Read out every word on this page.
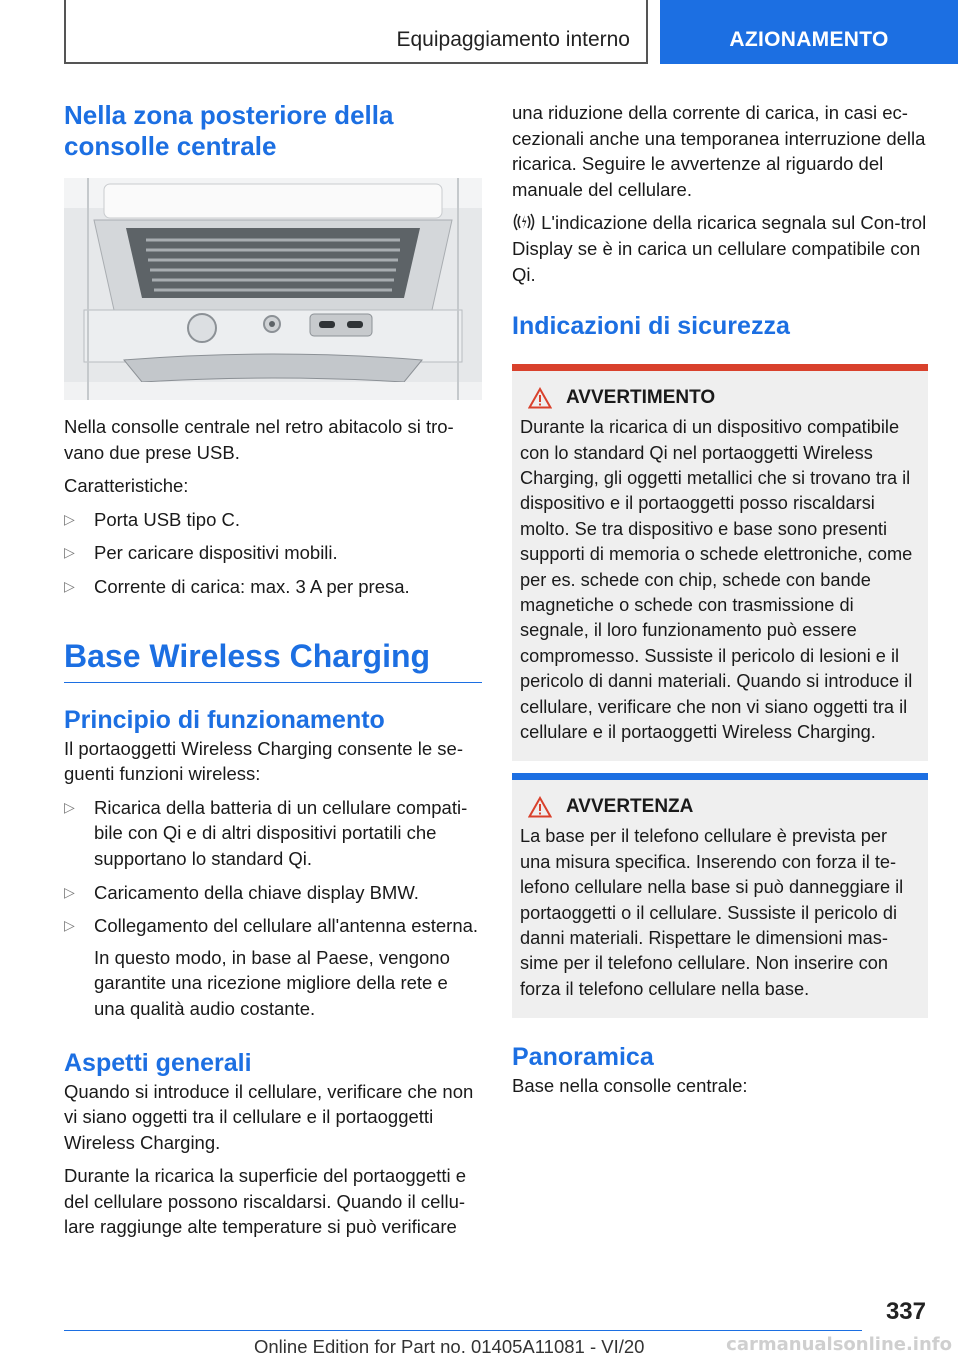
Equipaggiamento interno	AZIONAMENTO
Nella zona posteriore della consolle centrale

Nella consolle centrale nel retro abitacolo si tro-vano due prese USB.

Caratteristiche:

▷ Porta USB tipo C.
▷ Per caricare dispositivi mobili.
▷ Corrente di carica: max. 3 A per presa.
Base Wireless Charging
Principio di funzionamento

Il portaoggetti Wireless Charging consente le se-guenti funzioni wireless:

▷ Ricarica della batteria di un cellulare compati-bile con Qi e di altri dispositivi portatili che supportano lo standard Qi.
▷ Caricamento della chiave display BMW.
▷ Collegamento del cellulare all'antenna esterna.

In questo modo, in base al Paese, vengono garantite una ricezione migliore della rete e una qualità audio costante.

Aspetti generali

Quando si introduce il cellulare, verificare che non vi siano oggetti tra il cellulare e il portaoggetti Wireless Charging.

Durante la ricarica la superficie del portaoggetti e del cellulare possono riscaldarsi. Quando il cellu-lare raggiunge alte temperature si può verificare

una riduzione della corrente di carica, in casi ec-cezionali anche una temporanea interruzione della ricarica. Seguire le avvertenze al riguardo del manuale del cellulare.

L'indicazione della ricarica segnala sul Con-trol Display se è in carica un cellulare compatibile con Qi.

Indicazioni di sicurezza
AVVERTIMENTO

Durante la ricarica di un dispositivo compatibile con lo standard Qi nel portaoggetti Wireless Charging, gli oggetti metallici che si trovano tra il dispositivo e il portaoggetti posso riscaldarsi molto. Se tra dispositivo e base sono presenti supporti di memoria o schede elettroniche, come per es. schede con chip, schede con bande magnetiche o schede con trasmissione di segnale, il loro funzionamento può essere compromesso. Sussiste il pericolo di lesioni e il pericolo di danni materiali. Quando si introduce il cellulare, verificare che non vi siano oggetti tra il cellulare e il portaoggetti Wireless Charging.

AVVERTENZA

La base per il telefono cellulare è prevista per una misura specifica. Inserendo con forza il te-lefono cellulare nella base si può danneggiare il portaoggetti o il cellulare. Sussiste il pericolo di danni materiali. Rispettare le dimensioni mas-sime per il telefono cellulare. Non inserire con forza il telefono cellulare nella base.

Panoramica

Base nella consolle centrale:

337
Online Edition for Part no. 01405A11081 - VI/20	carmanualsonline.info
